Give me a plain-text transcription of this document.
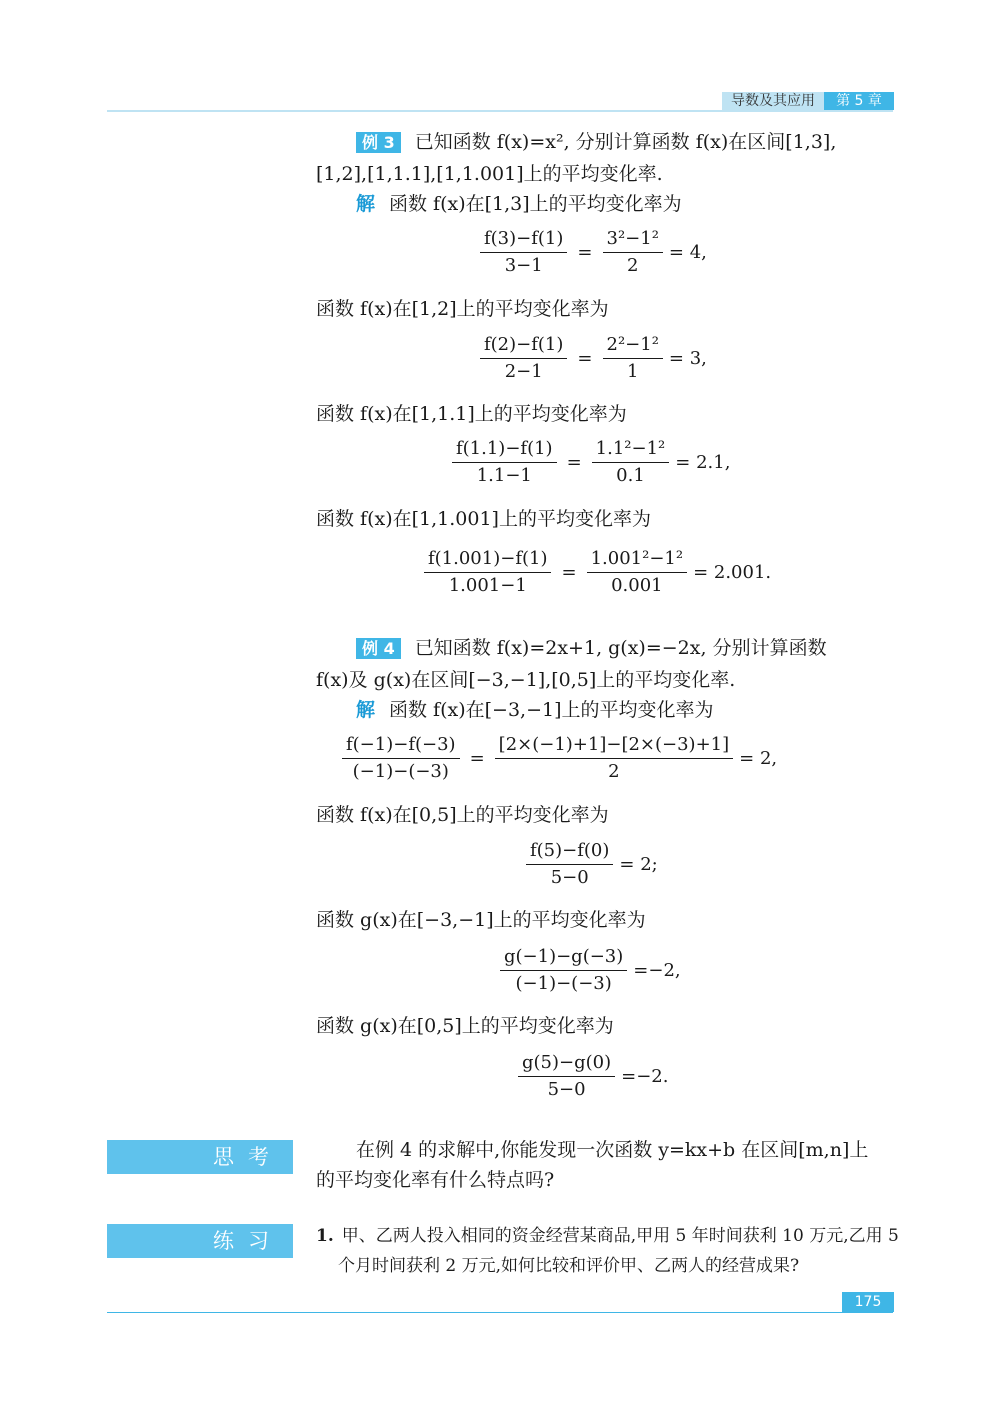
导数及其应用	第 5 章
例 3 已知函数 f(x)=x², 分别计算函数 f(x)在区间[1,3],
[1,2],[1,1.1],[1,1.001]上的平均变化率.
解 函数 f(x)在[1,3]上的平均变化率为
$\frac{f(3)-f(1)}{3-1} = \frac{\text{3²−1²}}{2} = 4$,
函数 f(x)在[1,2]上的平均变化率为
$\frac{f(2)-f(1)}{2-1} = \frac{\text{2²−1²}}{1} = 3$,
函数 f(x)在[1,1.1]上的平均变化率为
$\frac{f(1.1)-f(1)}{1.1-1} = \frac{\text{1.1²−1²}}{0.1} = 2.1$,
函数 f(x)在[1,1.001]上的平均变化率为
$\frac{f(1.001)-f(1)}{1.001-1} = \frac{\text{1.001²−1²}}{0.001} = 2.001$.
例 4 已知函数 f(x)=2x+1, g(x)=−2x, 分别计算函数
f(x)及 g(x)在区间[−3,−1],[0,5]上的平均变化率.
解 函数 f(x)在[−3,−1]上的平均变化率为
$\frac{f(-1)-f(-3)}{(-1)-(-3)} = \frac{[2\times(-1)+1]-[2\times(-3)+1]}{2} = 2$,
函数 f(x)在[0,5]上的平均变化率为
$\frac{f(5)-f(0)}{5-0} = 2$;
函数 g(x)在[−3,−1]上的平均变化率为
$\frac{g(-1)-g(-3)}{(-1)-(-3)} =-2$,
函数 g(x)在[0,5]上的平均变化率为
$\frac{g(5)-g(0)}{5-0} =-2$.
思考	在例 4 的求解中,你能发现一次函数 y=kx+b 在区间[m,n]上
的平均变化率有什么特点吗?
练习	1. 甲、乙两人投入相同的资金经营某商品,甲用 5 年时间获利 10 万元,乙用 5
个月时间获利 2 万元,如何比较和评价甲、乙两人的经营成果?
175
